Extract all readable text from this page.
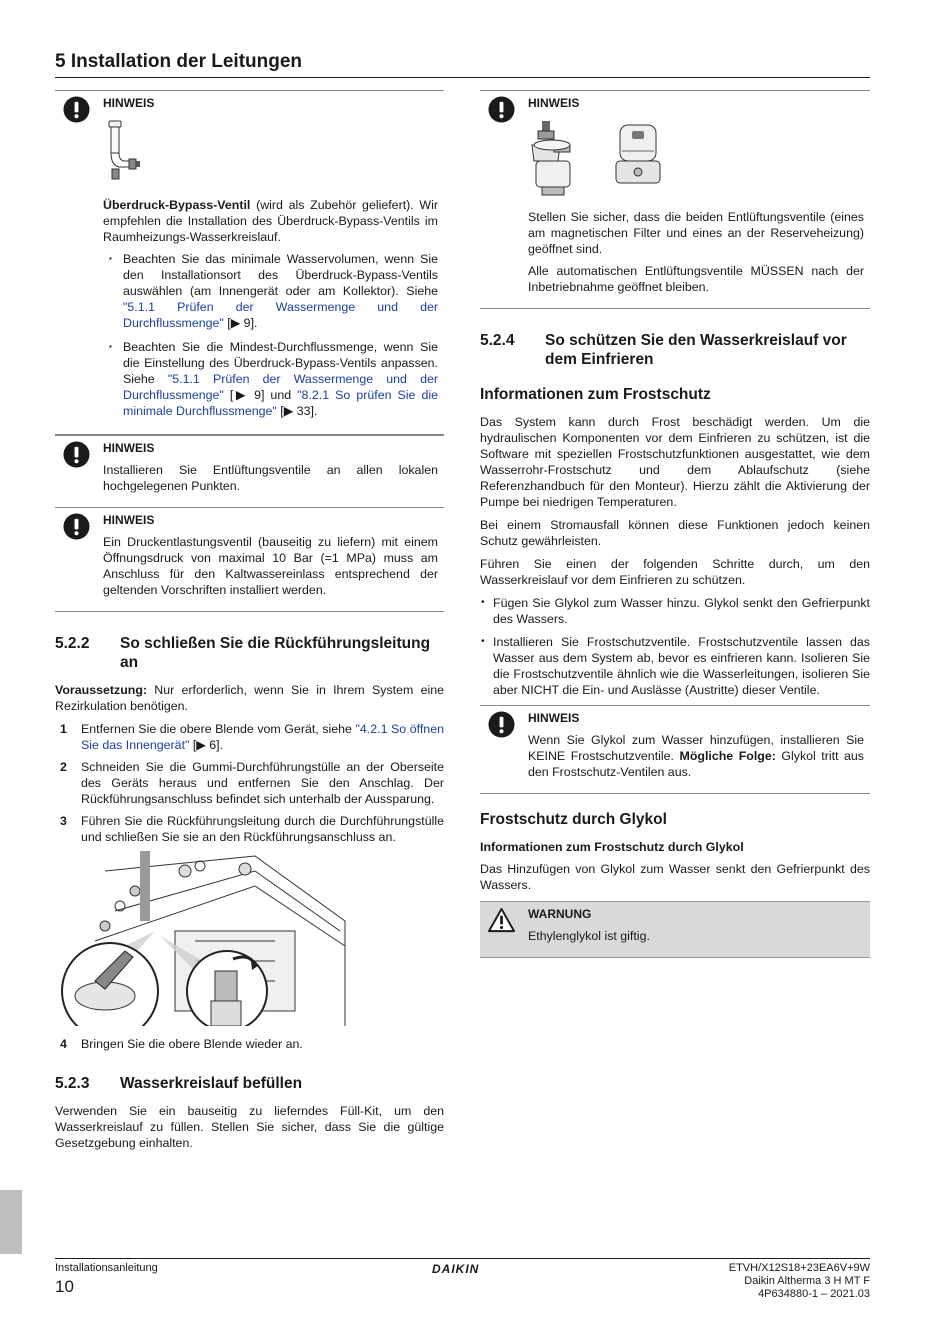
5 Installation der Leitungen
HINWEIS

Überdruck-Bypass-Ventil (wird als Zubehör geliefert). Wir empfehlen die Installation des Überdruck-Bypass-Ventils im Raumheizungs-Wasserkreislauf.

▪ Beachten Sie das minimale Wasservolumen, wenn Sie den Installationsort des Überdruck-Bypass-Ventils auswählen (am Innengerät oder am Kollektor). Siehe "5.1.1 Prüfen der Wassermenge und der Durchflussmenge" [▶ 9].
▪ Beachten Sie die Mindest-Durchflussmenge, wenn Sie die Einstellung des Überdruck-Bypass-Ventils anpassen. Siehe "5.1.1 Prüfen der Wassermenge und der Durchflussmenge" [▶ 9] und "8.2.1 So prüfen Sie die minimale Durchflussmenge" [▶ 33].
HINWEIS

Installieren Sie Entlüftungsventile an allen lokalen hochgelegenen Punkten.

HINWEIS

Ein Druckentlastungsventil (bauseitig zu liefern) mit einem Öffnungsdruck von maximal 10 Bar (=1 MPa) muss am Anschluss für den Kaltwassereinlass entsprechend der geltenden Vorschriften installiert werden.

5.2.2	So schließen Sie die Rückführungsleitung an

Voraussetzung: Nur erforderlich, wenn Sie in Ihrem System eine Rezirkulation benötigen.

1	Entfernen Sie die obere Blende vom Gerät, siehe "4.2.1 So öffnen Sie das Innengerät" [▶ 6].
2	Schneiden Sie die Gummi-Durchführungstülle an der Oberseite des Geräts heraus und entfernen Sie den Anschlag. Der Rückführungsanschluss befindet sich unterhalb der Aussparung.
3	Führen Sie die Rückführungsleitung durch die Durchführungstülle und schließen Sie sie an den Rückführungsanschluss an.
4	Bringen Sie die obere Blende wieder an.
5.2.3	Wasserkreislauf befüllen

Verwenden Sie ein bauseitig zu lieferndes Füll-Kit, um den Wasserkreislauf zu füllen. Stellen Sie sicher, dass Sie die gültige Gesetzgebung einhalten.

HINWEIS

Stellen Sie sicher, dass die beiden Entlüftungsventile (eines am magnetischen Filter und eines an der Reserveheizung) geöffnet sind.

Alle automatischen Entlüftungsventile MÜSSEN nach der Inbetriebnahme geöffnet bleiben.

5.2.4	So schützen Sie den Wasserkreislauf vor dem Einfrieren
Informationen zum Frostschutz

Das System kann durch Frost beschädigt werden. Um die hydraulischen Komponenten vor dem Einfrieren zu schützen, ist die Software mit speziellen Frostschutzfunktionen ausgestattet, wie dem Wasserrohr-Frostschutz und dem Ablaufschutz (siehe Referenzhandbuch für den Monteur). Hierzu zählt die Aktivierung der Pumpe bei niedrigen Temperaturen.

Bei einem Stromausfall können diese Funktionen jedoch keinen Schutz gewährleisten.

Führen Sie einen der folgenden Schritte durch, um den Wasserkreislauf vor dem Einfrieren zu schützen.

• Fügen Sie Glykol zum Wasser hinzu. Glykol senkt den Gefrierpunkt des Wassers.
• Installieren Sie Frostschutzventile. Frostschutzventile lassen das Wasser aus dem System ab, bevor es einfrieren kann. Isolieren Sie die Frostschutzventile ähnlich wie die Wasserleitungen, isolieren Sie aber NICHT die Ein- und Auslässe (Austritte) dieser Ventile.
HINWEIS

Wenn Sie Glykol zum Wasser hinzufügen, installieren Sie KEINE Frostschutzventile. Mögliche Folge: Glykol tritt aus den Frostschutz-Ventilen aus.

Frostschutz durch Glykol
Informationen zum Frostschutz durch Glykol

Das Hinzufügen von Glykol zum Wasser senkt den Gefrierpunkt des Wassers.

WARNUNG

Ethylenglykol ist giftig.

Installationsanleitung
10
DAIKIN	ETVH/X12S18+23EA6V+9W
Daikin Altherma 3 H MT F
4P634880-1 – 2021.03
